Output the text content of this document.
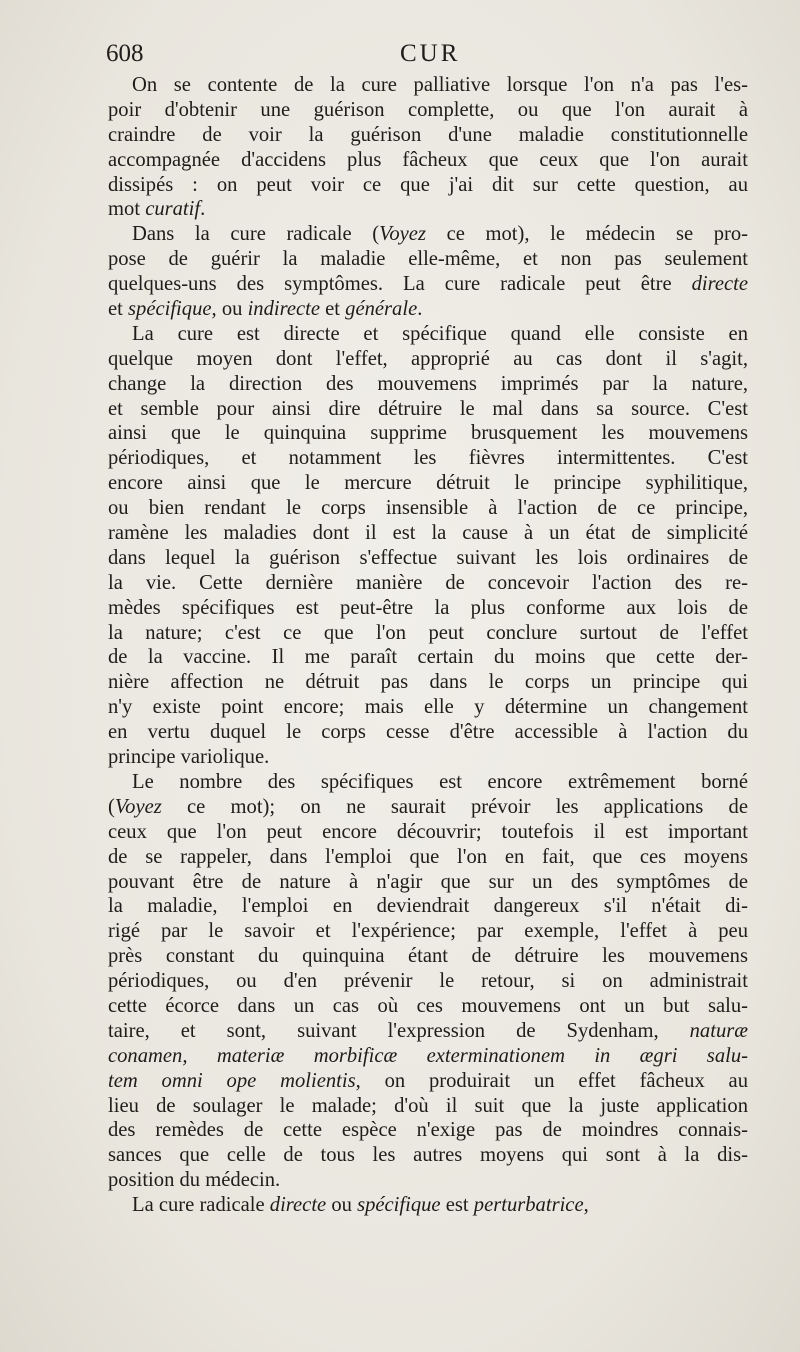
608	CUR
On se contente de la cure palliative lorsque l'on n'a pas l'es-
poir d'obtenir une guérison complette, ou que l'on aurait à
craindre de voir la guérison d'une maladie constitutionnelle
accompagnée d'accidens plus fâcheux que ceux que l'on aurait
dissipés : on peut voir ce que j'ai dit sur cette question, au
mot curatif.
Dans la cure radicale (Voyez ce mot), le médecin se pro-
pose de guérir la maladie elle-même, et non pas seulement
quelques-uns des symptômes. La cure radicale peut être directe
et spécifique, ou indirecte et générale.
La cure est directe et spécifique quand elle consiste en
quelque moyen dont l'effet, approprié au cas dont il s'agit,
change la direction des mouvemens imprimés par la nature,
et semble pour ainsi dire détruire le mal dans sa source. C'est
ainsi que le quinquina supprime brusquement les mouvemens
périodiques, et notamment les fièvres intermittentes. C'est
encore ainsi que le mercure détruit le principe syphilitique,
ou bien rendant le corps insensible à l'action de ce principe,
ramène les maladies dont il est la cause à un état de simplicité
dans lequel la guérison s'effectue suivant les lois ordinaires de
la vie. Cette dernière manière de concevoir l'action des re-
mèdes spécifiques est peut-être la plus conforme aux lois de
la nature; c'est ce que l'on peut conclure surtout de l'effet
de la vaccine. Il me paraît certain du moins que cette der-
nière affection ne détruit pas dans le corps un principe qui
n'y existe point encore; mais elle y détermine un changement
en vertu duquel le corps cesse d'être accessible à l'action du
principe variolique.
Le nombre des spécifiques est encore extrêmement borné
(Voyez ce mot); on ne saurait prévoir les applications de
ceux que l'on peut encore découvrir; toutefois il est important
de se rappeler, dans l'emploi que l'on en fait, que ces moyens
pouvant être de nature à n'agir que sur un des symptômes de
la maladie, l'emploi en deviendrait dangereux s'il n'était di-
rigé par le savoir et l'expérience; par exemple, l'effet à peu
près constant du quinquina étant de détruire les mouvemens
périodiques, ou d'en prévenir le retour, si on administrait
cette écorce dans un cas où ces mouvemens ont un but salu-
taire, et sont, suivant l'expression de Sydenham, naturæ
conamen, materiæ morbificæ exterminationem in ægri salu-
tem omni ope molientis, on produirait un effet fâcheux au
lieu de soulager le malade; d'où il suit que la juste application
des remèdes de cette espèce n'exige pas de moindres connais-
sances que celle de tous les autres moyens qui sont à la dis-
position du médecin.
La cure radicale directe ou spécifique est perturbatrice,
